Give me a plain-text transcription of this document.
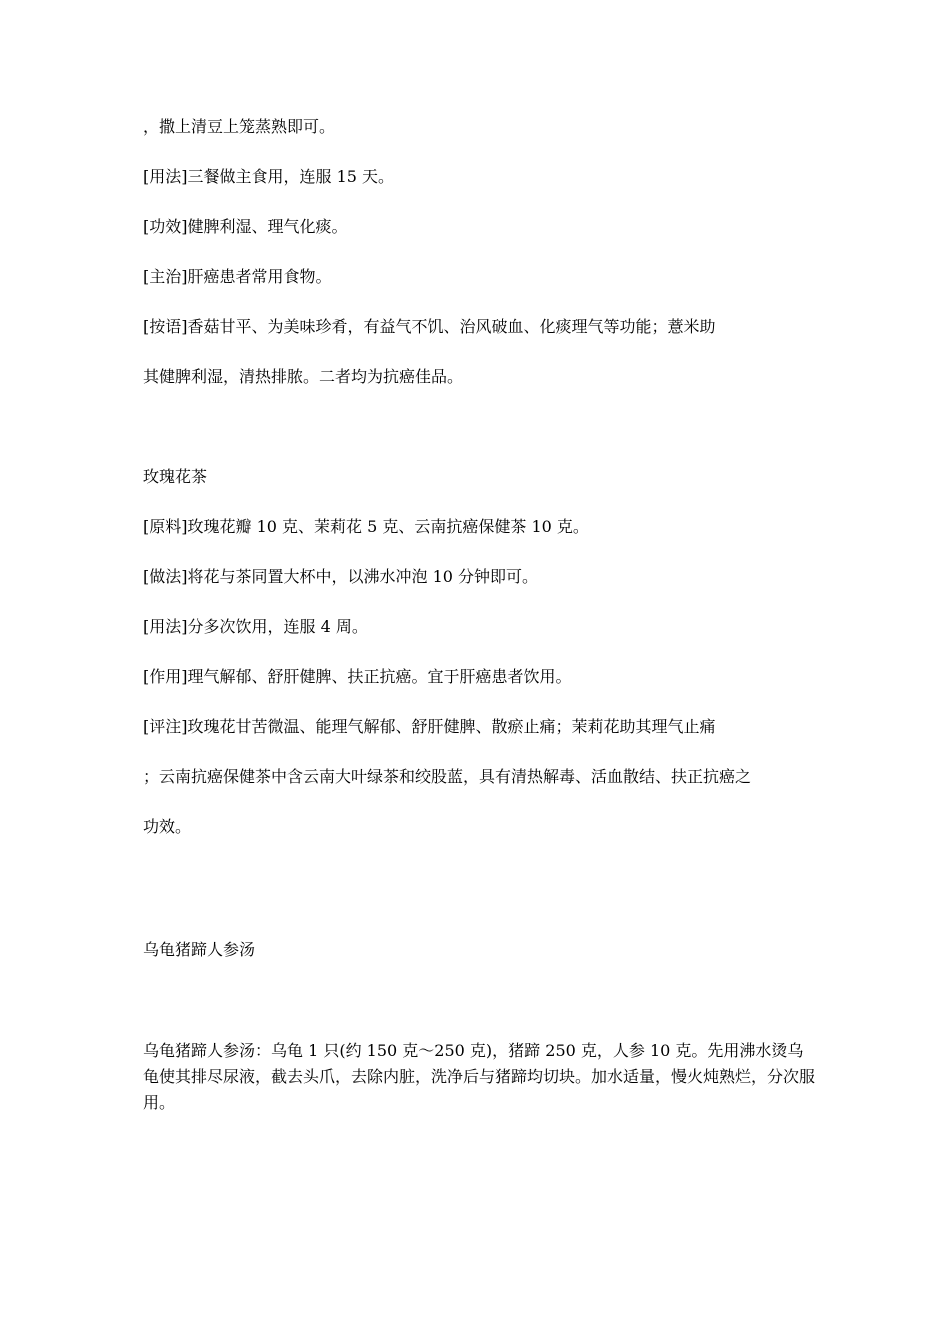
，撒上清豆上笼蒸熟即可。
[用法]三餐做主食用，连服 15 天。
[功效]健脾利湿、理气化痰。
[主治]肝癌患者常用食物。
[按语]香菇甘平、为美味珍肴，有益气不饥、治风破血、化痰理气等功能；薏米助
其健脾利湿，清热排脓。二者均为抗癌佳品。
玫瑰花茶
[原料]玫瑰花瓣 10 克、茉莉花 5 克、云南抗癌保健茶 10 克。
[做法]将花与茶同置大杯中，以沸水冲泡 10 分钟即可。
[用法]分多次饮用，连服 4 周。
[作用]理气解郁、舒肝健脾、扶正抗癌。宜于肝癌患者饮用。
[评注]玫瑰花甘苦微温、能理气解郁、舒肝健脾、散瘀止痛；茉莉花助其理气止痛
；云南抗癌保健茶中含云南大叶绿茶和绞股蓝，具有清热解毒、活血散结、扶正抗癌之
功效。
乌龟猪蹄人参汤
乌龟猪蹄人参汤：乌龟 1 只(约 150 克～250 克)，猪蹄 250 克，人参 10 克。先用沸水烫乌龟使其排尽尿液，截去头爪，去除内脏，洗净后与猪蹄均切块。加水适量，慢火炖熟烂，分次服用。
